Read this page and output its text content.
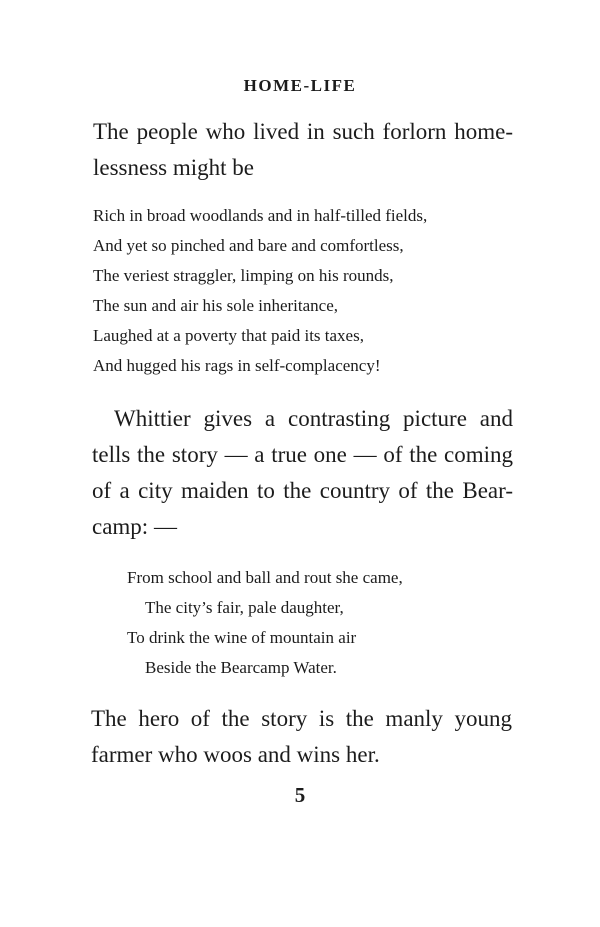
HOME-LIFE
The people who lived in such forlorn home-
lessness might be
Rich in broad woodlands and in half-tilled fields,
And yet so pinched and bare and comfortless,
The veriest straggler, limping on his rounds,
The sun and air his sole inheritance,
Laughed at a poverty that paid its taxes,
And hugged his rags in self-complacency!
Whittier gives a contrasting picture and
tells the story — a true one — of the coming
of a city maiden to the country of the Bear-
camp: —
From school and ball and rout she came,
The city’s fair, pale daughter,
To drink the wine of mountain air
Beside the Bearcamp Water.
The hero of the story is the manly young
farmer who woos and wins her.
5
